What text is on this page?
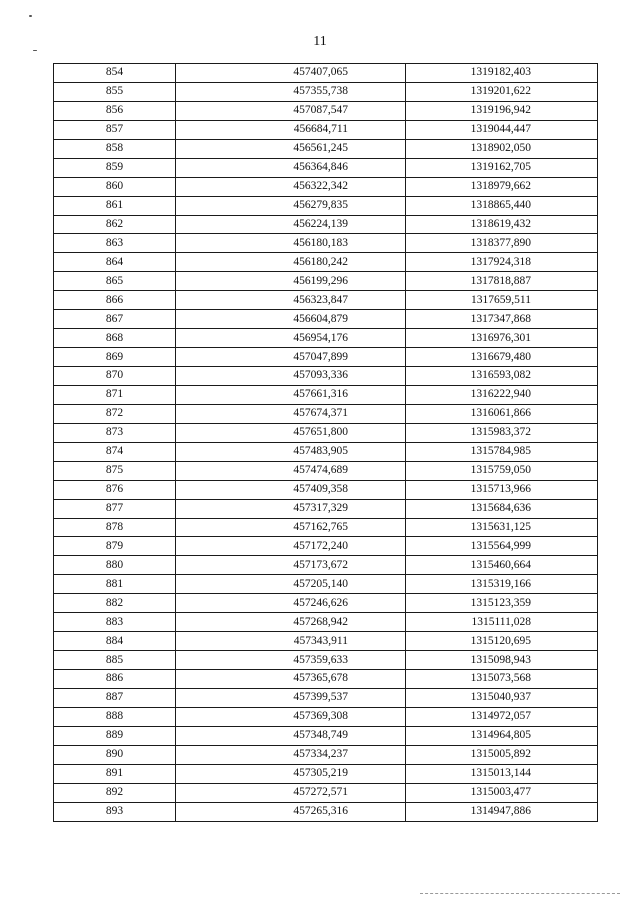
11
854	457407,065	1319182,403
855	457355,738	1319201,622
856	457087,547	1319196,942
857	456684,711	1319044,447
858	456561,245	1318902,050
859	456364,846	1319162,705
860	456322,342	1318979,662
861	456279,835	1318865,440
862	456224,139	1318619,432
863	456180,183	1318377,890
864	456180,242	1317924,318
865	456199,296	1317818,887
866	456323,847	1317659,511
867	456604,879	1317347,868
868	456954,176	1316976,301
869	457047,899	1316679,480
870	457093,336	1316593,082
871	457661,316	1316222,940
872	457674,371	1316061,866
873	457651,800	1315983,372
874	457483,905	1315784,985
875	457474,689	1315759,050
876	457409,358	1315713,966
877	457317,329	1315684,636
878	457162,765	1315631,125
879	457172,240	1315564,999
880	457173,672	1315460,664
881	457205,140	1315319,166
882	457246,626	1315123,359
883	457268,942	1315111,028
884	457343,911	1315120,695
885	457359,633	1315098,943
886	457365,678	1315073,568
887	457399,537	1315040,937
888	457369,308	1314972,057
889	457348,749	1314964,805
890	457334,237	1315005,892
891	457305,219	1315013,144
892	457272,571	1315003,477
893	457265,316	1314947,886
